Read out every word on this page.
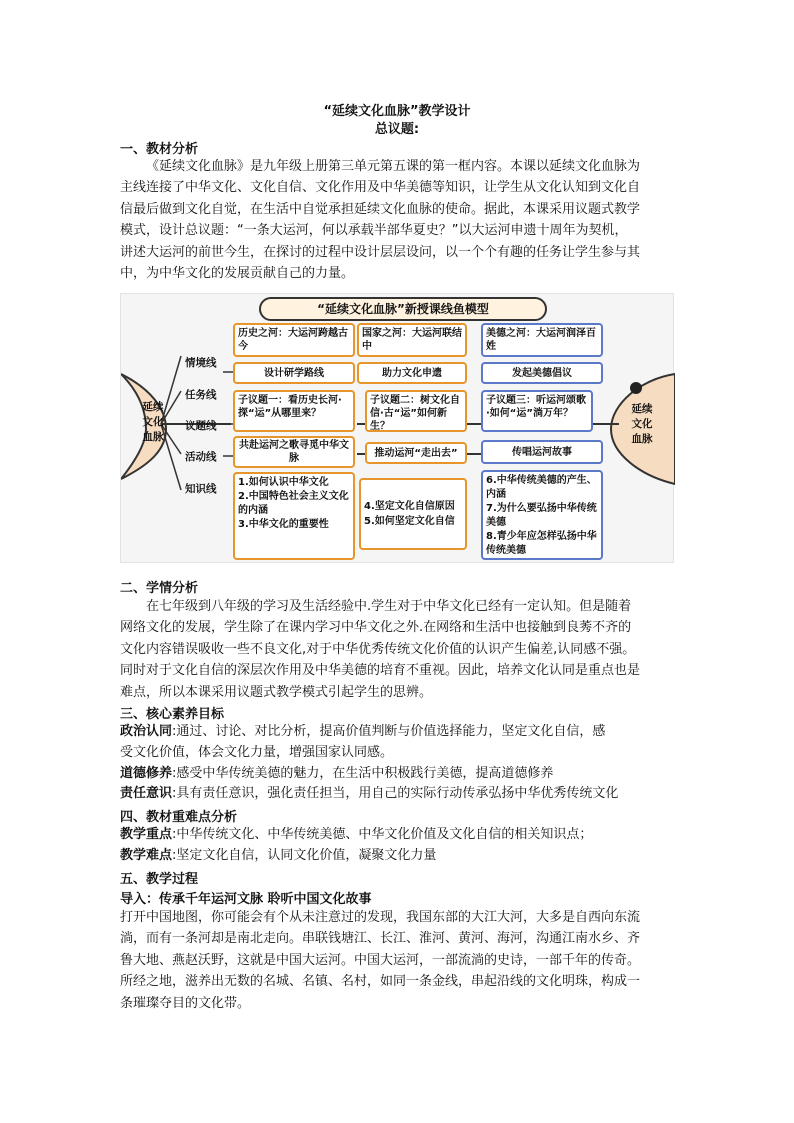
“延续文化血脉”教学设计
总议题:
一、教材分析
《延续文化血脉》是九年级上册第三单元第五课的第一框内容。本课以延续文化血脉为
主线连接了中华文化、文化自信、文化作用及中华美德等知识，让学生从文化认知到文化自
信最后做到文化自觉，在生活中自觉承担延续文化血脉的使命。据此，本课采用议题式教学
模式，设计总议题：“一条大运河，何以承载半部华夏史？”以大运河申遗十周年为契机，
讲述大运河的前世今生，在探讨的过程中设计层层设问，以一个个有趣的任务让学生参与其
中，为中华文化的发展贡献自己的力量。
“延续文化血脉”新授课线鱼模型
延续
文化
血脉
延续
文化
血脉
情境线
任务线
议题线
活动线
知识线
历史之河：大运河跨越古今
国家之河：大运河联结中
美德之河：大运河润泽百姓
设计研学路线	助力文化申遗	发起美德倡议
子议题一：看历史长河·探“运”从哪里来？
子议题二：树文化自信·古“运”如何新生？
子议题三：听运河颂歌·如何“运”淌万年？
共赴运河之歌寻觅中华文脉	推动运河“走出去”	传唱运河故事
1.如何认识中华文化
2.中国特色社会主义文化的内涵
3.中华文化的重要性
4.坚定文化自信原因
5.如何坚定文化自信
6.中华传统美德的产生、内涵
7.为什么要弘扬中华传统美德
8.青少年应怎样弘扬中华传统美德
二、学情分析
在七年级到八年级的学习及生活经验中.学生对于中华文化已经有一定认知。但是随着
网络文化的发展，学生除了在课内学习中华文化之外.在网络和生活中也接触到良莠不齐的
文化内容错误吸收一些不良文化,对于中华优秀传统文化价值的认识产生偏差,认同感不强。
同时对于文化自信的深层次作用及中华美德的培育不重视。因此，培养文化认同是重点也是
难点，所以本课采用议题式教学模式引起学生的思辨。
三、核心素养目标
政治认同:通过、讨论、对比分析，提高价值判断与价值选择能力，坚定文化自信，感
受文化价值，体会文化力量，增强国家认同感。
道德修养:感受中华传统美德的魅力，在生活中积极践行美德，提高道德修养
责任意识:具有责任意识，强化责任担当，用自己的实际行动传承弘扬中华优秀传统文化
四、教材重难点分析
教学重点:中华传统文化、中华传统美德、中华文化价值及文化自信的相关知识点；
教学难点:坚定文化自信，认同文化价值，凝聚文化力量
五、教学过程
导入：传承千年运河文脉 聆听中国文化故事
打开中国地图，你可能会有个从未注意过的发现，我国东部的大江大河，大多是自西向东流
淌，而有一条河却是南北走向。串联钱塘江、长江、淮河、黄河、海河，沟通江南水乡、齐
鲁大地、燕赵沃野，这就是中国大运河。中国大运河，一部流淌的史诗，一部千年的传奇。
所经之地，滋养出无数的名城、名镇、名村，如同一条金线，串起沿线的文化明珠，构成一
条璀璨夺目的文化带。
